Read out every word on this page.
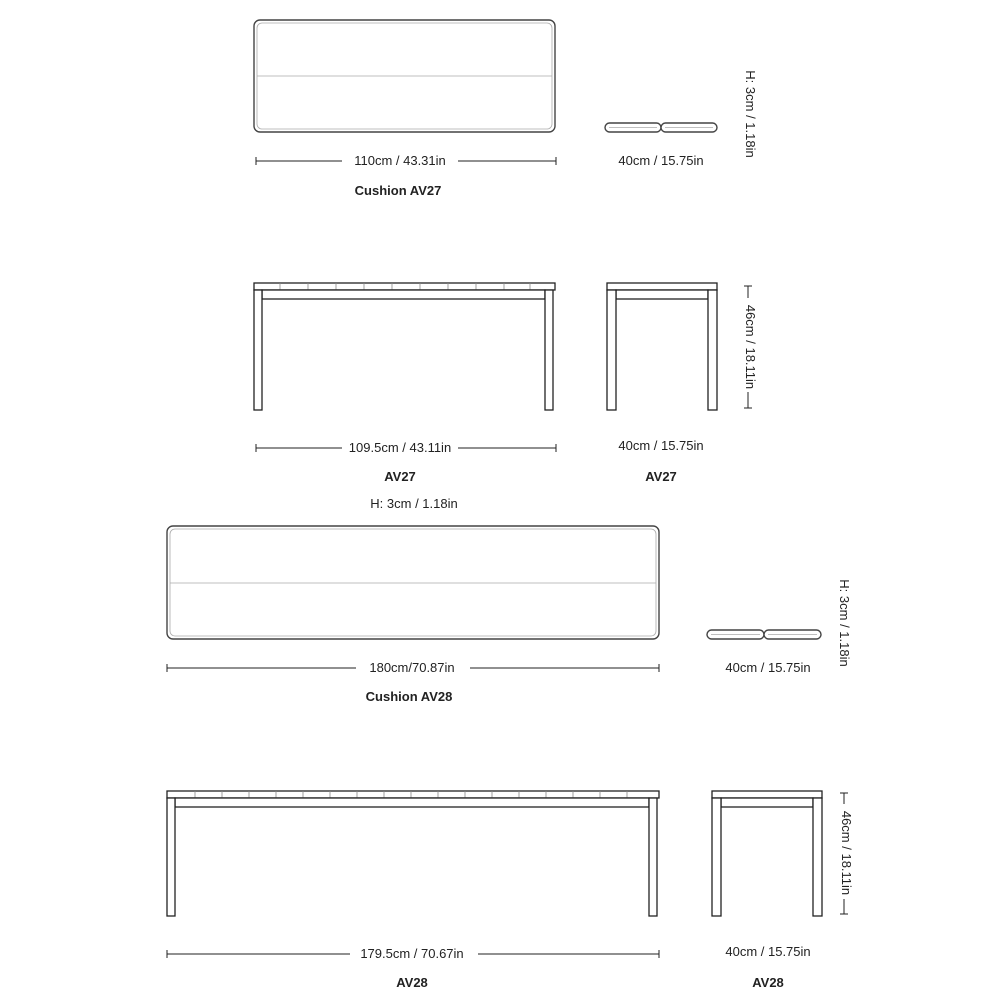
110cm / 43.31in
Cushion AV27
40cm / 15.75in
H: 3cm / 1.18in
109.5cm / 43.11in
AV27
40cm / 15.75in
AV27
46cm / 18.11in
H: 3cm / 1.18in
180cm/70.87in
Cushion AV28
40cm / 15.75in
H: 3cm / 1.18in
179.5cm / 70.67in
AV28
40cm / 15.75in
AV28
46cm / 18.11in
